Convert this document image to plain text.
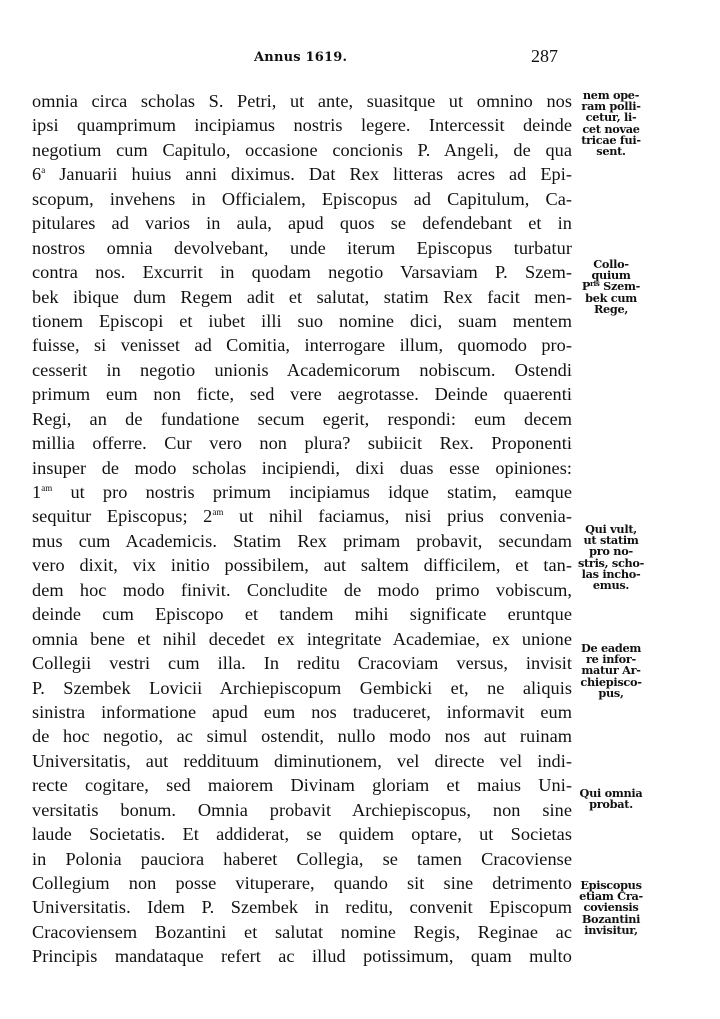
Annus 1619.	287
omnia circa scholas S. Petri, ut ante, suasitque ut omnino nos
ipsi quamprimum incipiamus nostris legere. Intercessit deinde
negotium cum Capitulo, occasione concionis P. Angeli, de qua
6$^a$ Januarii huius anni diximus. Dat Rex litteras acres ad Epi-
scopum, invehens in Officialem, Episcopus ad Capitulum, Ca-
pitulares ad varios in aula, apud quos se defendebant et in
nostros omnia devolvebant, unde iterum Episcopus turbatur
contra nos. Excurrit in quodam negotio Varsaviam P. Szem-
bek ibique dum Regem adit et salutat, statim Rex facit men-
tionem Episcopi et iubet illi suo nomine dici, suam mentem
fuisse, si venisset ad Comitia, interrogare illum, quomodo pro-
cesserit in negotio unionis Academicorum nobiscum. Ostendi
primum eum non ficte, sed vere aegrotasse. Deinde quaerenti
Regi, an de fundatione secum egerit, respondi: eum decem
millia offerre. Cur vero non plura? subiicit Rex. Proponenti
insuper de modo scholas incipiendi, dixi duas esse opiniones:
$1^{am}$ ut pro nostris primum incipiamus idque statim, eamque
sequitur Episcopus; $2^{am}$ ut nihil faciamus, nisi prius convenia-
mus cum Academicis. Statim Rex primam probavit, secundam
vero dixit, vix initio possibilem, aut saltem difficilem, et tan-
dem hoc modo finivit. Concludite de modo primo vobiscum,
deinde cum Episcopo et tandem mihi significate eruntque
omnia bene et nihil decedet ex integritate Academiae, ex unione
Collegii vestri cum illa. In reditu Cracoviam versus, invisit
P. Szembek Lovicii Archiepiscopum Gembicki et, ne aliquis
sinistra informatione apud eum nos traduceret, informavit eum
de hoc negotio, ac simul ostendit, nullo modo nos aut ruinam
Universitatis, aut reddituum diminutionem, vel directe vel indi-
recte cogitare, sed maiorem Divinam gloriam et maius Uni-
versitatis bonum. Omnia probavit Archiepiscopus, non sine
laude Societatis. Et addiderat, se quidem optare, ut Societas
in Polonia pauciora haberet Collegia, se tamen Cracoviense
Collegium non posse vituperare, quando sit sine detrimento
Universitatis. Idem P. Szembek in reditu, convenit Episcopum
Cracoviensem Bozantini et salutat nomine Regis, Reginae ac
Principis mandataque refert ac illud potissimum, quam multo
nem ope-
ram polli-
cetur, li-
cet novae
tricae fui-
sent.
Collo-
quium
$P^{ris}$ Szem-
bek cum
Rege,
Qui vult,
ut statim
pro no-
stris, scho-
las incho-
emus.
De eadem
re infor-
matur Ar-
chiepisco-
pus,
Qui omnia
probat.
Episcopus
etiam Cra-
coviensis
Bozantini
invisitur,
